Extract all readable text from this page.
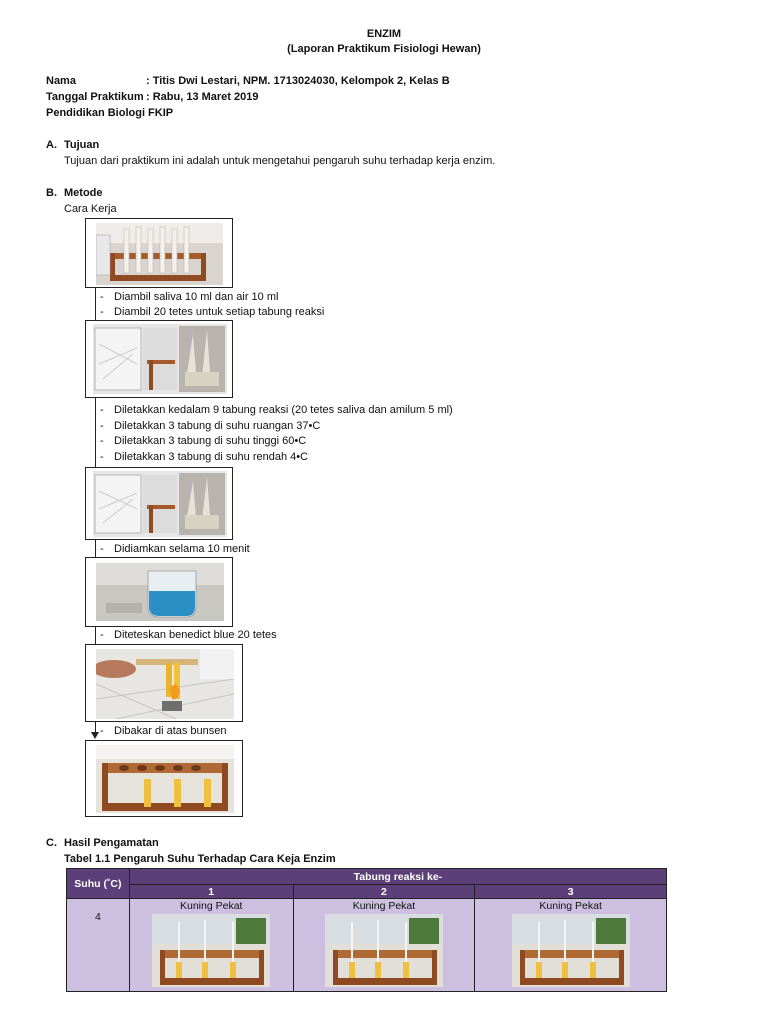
ENZIM
(Laporan Praktikum Fisiologi Hewan)
Nama	: Titis Dwi Lestari, NPM. 1713024030, Kelompok 2, Kelas B
Tanggal Praktikum : Rabu, 13 Maret 2019
Pendidikan Biologi FKIP
A. Tujuan
Tujuan dari praktikum ini adalah untuk mengetahui pengaruh suhu terhadap kerja enzim.
B. Metode
Cara Kerja
- Diambil saliva 10 ml dan air 10 ml
- Diambil 20 tetes untuk setiap tabung reaksi
- Diletakkan kedalam 9 tabung reaksi (20 tetes saliva dan amilum 5 ml)
- Diletakkan 3 tabung di suhu ruangan 37•C
- Diletakkan 3 tabung di suhu tinggi 60•C
- Diletakkan 3 tabung di suhu rendah 4•C
- Didiamkan selama 10 menit
- Diteteskan benedict blue 20 tetes
- Dibakar di atas bunsen
C. Hasil Pengamatan
Tabel 1.1 Pengaruh Suhu Terhadap Cara Keja Enzim
Suhu (˚C)	Tabung reaksi ke-		
	1	2	3
4	Kuning Pekat	Kuning Pekat	Kuning Pekat
